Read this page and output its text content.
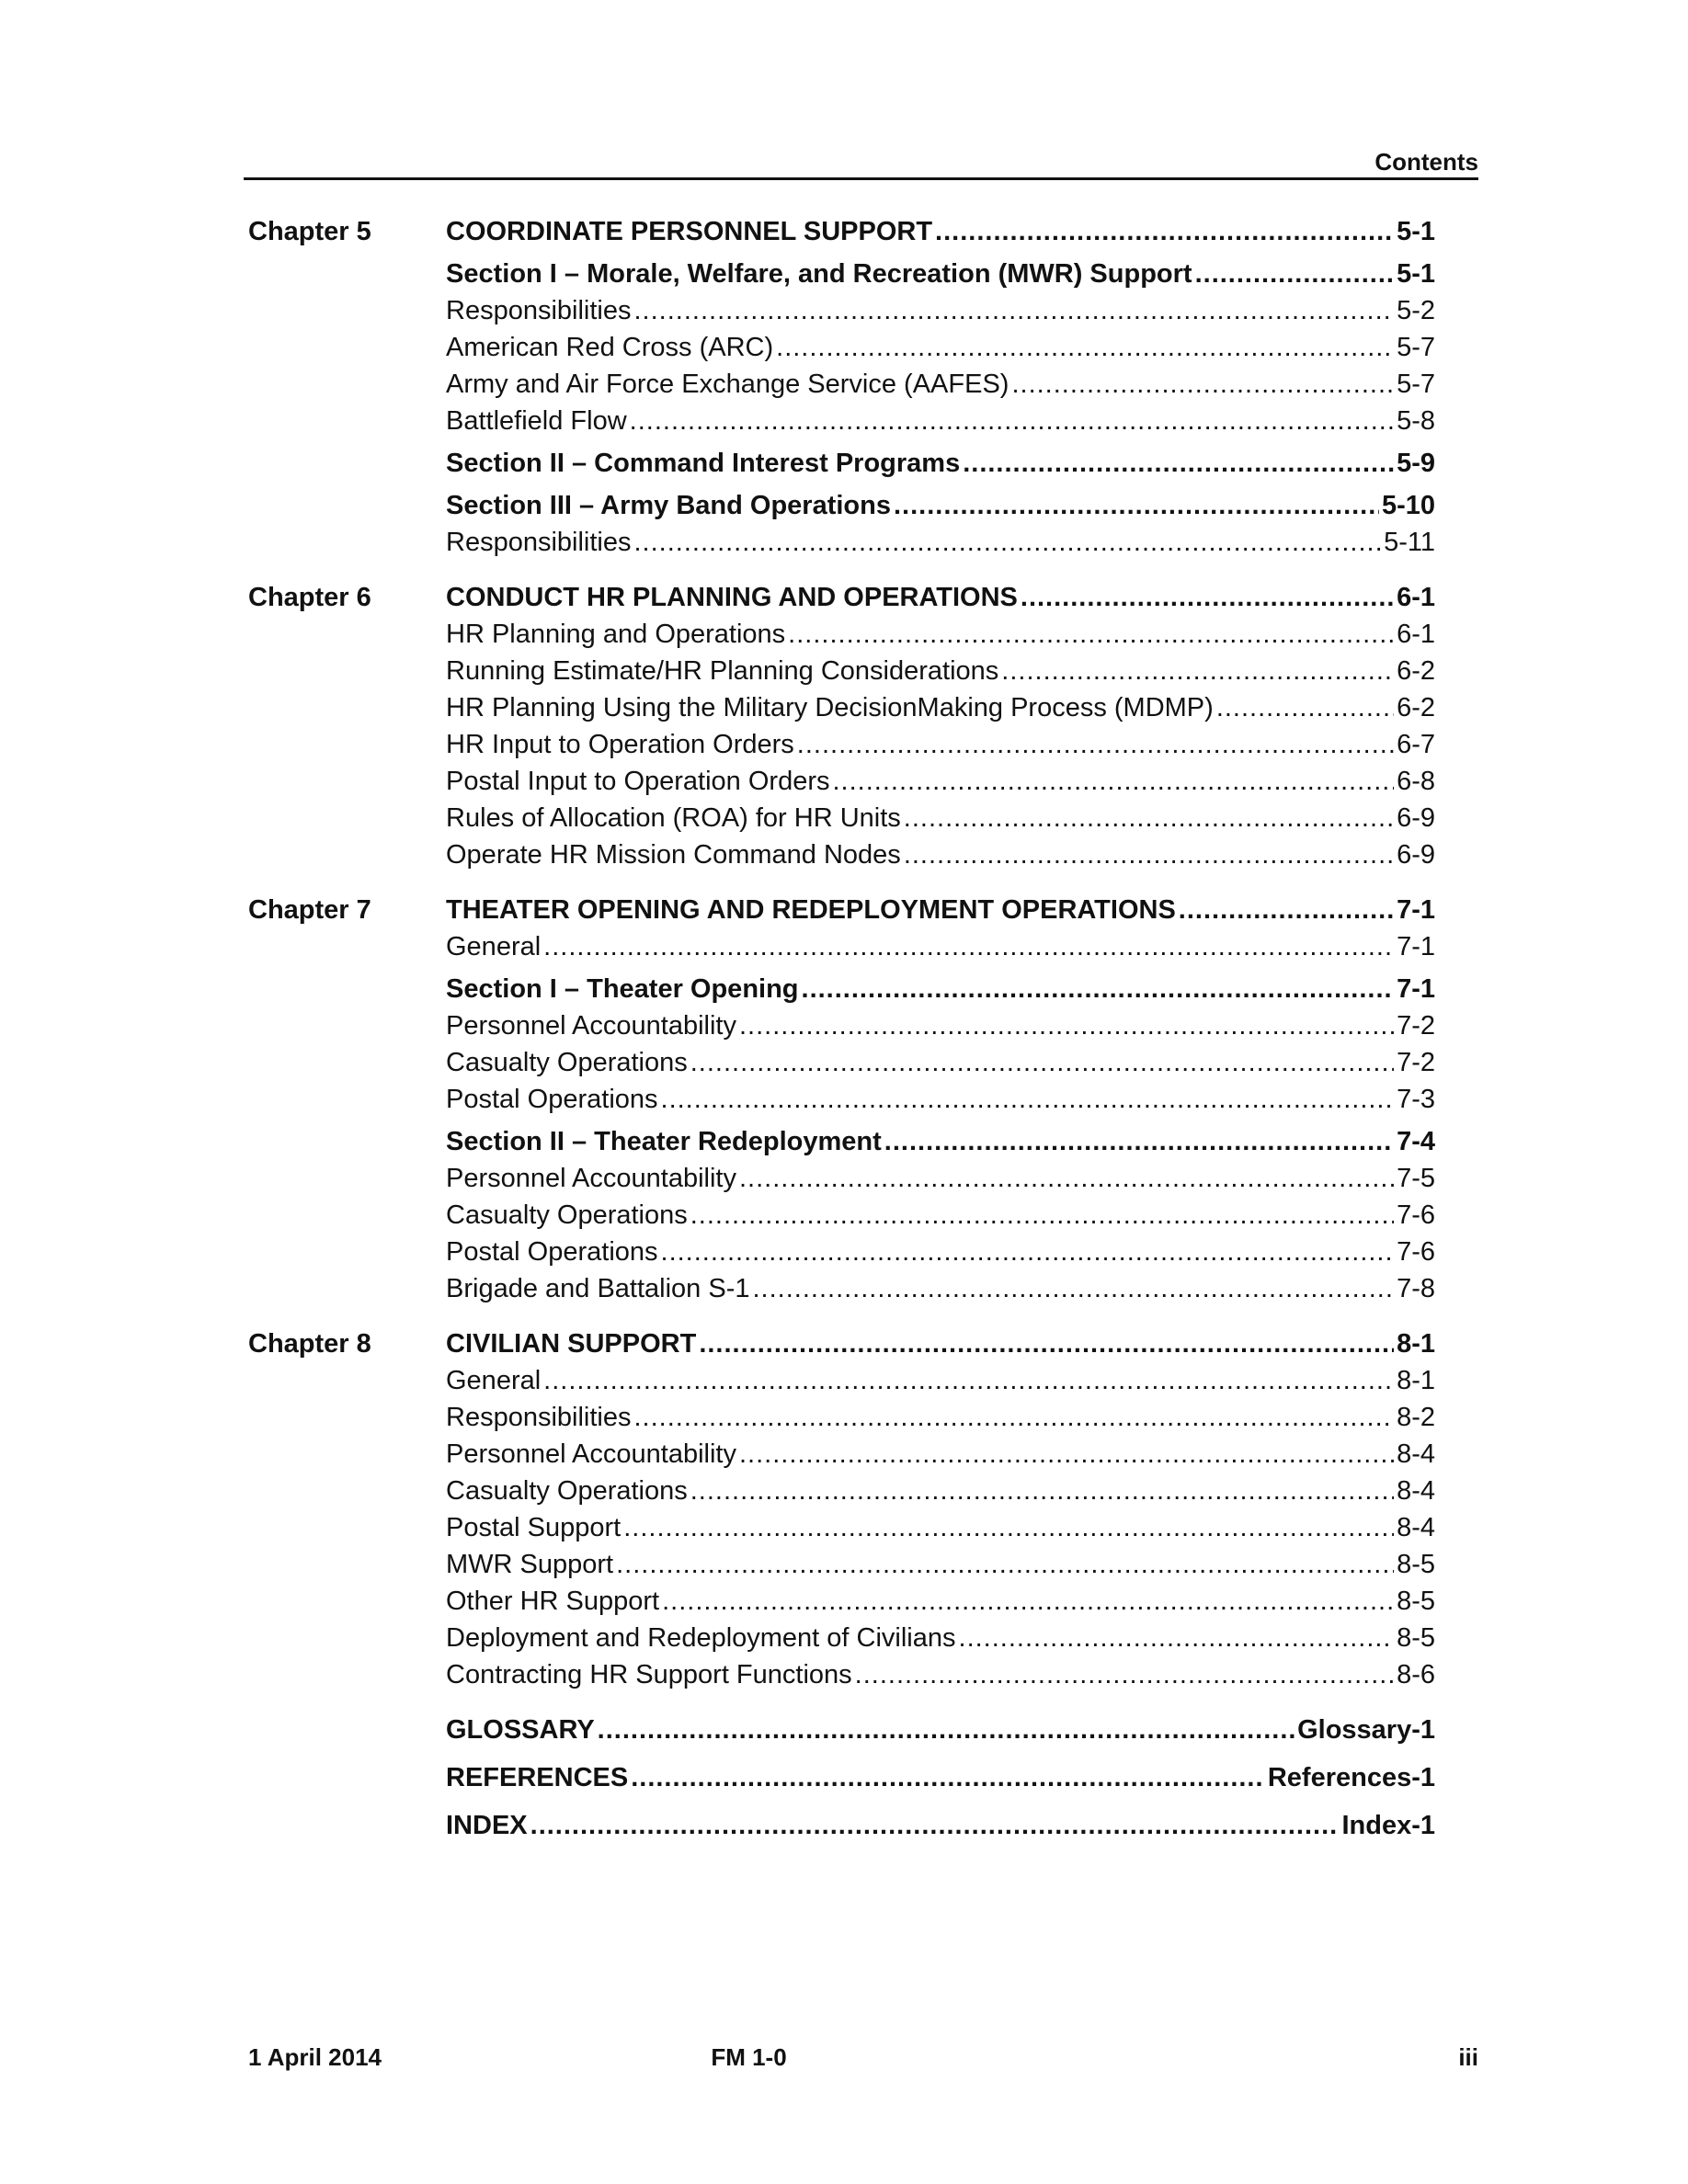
Contents
Chapter 5	COORDINATE PERSONNEL SUPPORT .....	5-1
Section I – Morale, Welfare, and Recreation (MWR) Support .....	5-1
Responsibilities .....	5-2
American Red Cross (ARC) .....	5-7
Army and Air Force Exchange Service (AAFES) .....	5-7
Battlefield Flow .....	5-8
Section II – Command Interest Programs .....	5-9
Section III – Army Band Operations .....	5-10
Responsibilities .....	5-11
Chapter 6	CONDUCT HR PLANNING AND OPERATIONS .....	6-1
HR Planning and Operations .....	6-1
Running Estimate/HR Planning Considerations .....	6-2
HR Planning Using the Military DecisionMaking Process (MDMP) .....	6-2
HR Input to Operation Orders .....	6-7
Postal Input to Operation Orders .....	6-8
Rules of Allocation (ROA) for HR Units .....	6-9
Operate HR Mission Command Nodes .....	6-9
Chapter 7	THEATER OPENING AND REDEPLOYMENT OPERATIONS .....	7-1
General .....	7-1
Section I – Theater Opening .....	7-1
Personnel Accountability .....	7-2
Casualty Operations .....	7-2
Postal Operations .....	7-3
Section II – Theater Redeployment .....	7-4
Personnel Accountability .....	7-5
Casualty Operations .....	7-6
Postal Operations .....	7-6
Brigade and Battalion S-1 .....	7-8
Chapter 8	CIVILIAN SUPPORT .....	8-1
General .....	8-1
Responsibilities .....	8-2
Personnel Accountability .....	8-4
Casualty Operations .....	8-4
Postal Support .....	8-4
MWR Support .....	8-5
Other HR Support .....	8-5
Deployment and Redeployment of Civilians .....	8-5
Contracting HR Support Functions .....	8-6
GLOSSARY .....	Glossary-1
REFERENCES .....	References-1
INDEX .....	Index-1
1 April 2014	FM 1-0	iii
